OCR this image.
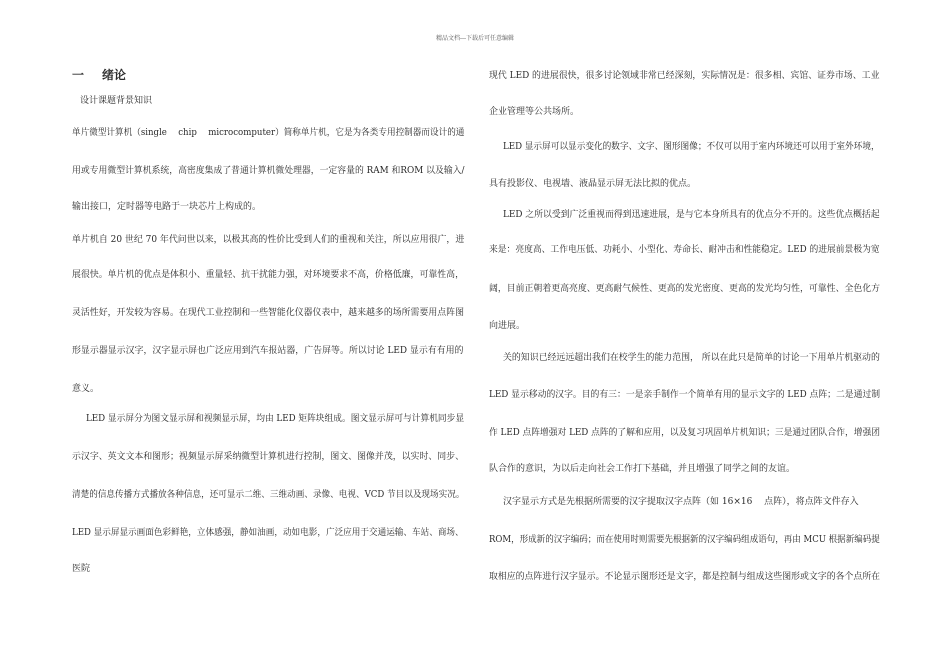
精品文档---下载后可任意编辑
一 绪论
设计课题背景知识
单片微型计算机（single　 chip　 microcomputer）简称单片机，它是为各类专用控制器而设计的通
用或专用微型计算机系统，高密度集成了普通计算机微处理器，一定容量的 RAM 和ROM 以及输入/
输出接口，定时器等电路于一块芯片上构成的。
单片机自 20 世纪 70 年代问世以来，以极其高的性价比受到人们的重视和关注，所以应用很广，进
展很快。单片机的优点是体积小、重量轻、抗干扰能力强，对环境要求不高，价格低廉，可靠性高，
灵活性好，开发较为容易。在现代工业控制和一些智能化仪器仪表中，越来越多的场所需要用点阵图
形显示器显示汉字，汉字显示屏也广泛应用到汽车报站器，广告屏等。所以讨论 LED 显示有有用的
意义。
LED 显示屏分为图文显示屏和视频显示屏，均由 LED 矩阵块组成。图文显示屏可与计算机同步显
示汉字、英文文本和图形；视频显示屏采纳微型计算机进行控制，图文、图像并茂，以实时、同步、
清楚的信息传播方式播放各种信息，还可显示二维、三维动画、录像、电视、VCD 节目以及现场实况。
LED 显示屏显示画面色彩鲜艳，立体感强，静如油画，动如电影，广泛应用于交通运输、车站、商场、
医院
现代 LED 的进展很快，很多讨论领域非常已经深刻，实际情况是：很多相、宾馆、证券市场、工业
企业管理等公共场所。
LED 显示屏可以显示变化的数字、文字、图形图像；不仅可以用于室内环境还可以用于室外环境，
具有投影仪、电视墙、液晶显示屏无法比拟的优点。
LED 之所以受到广泛重视而得到迅速进展，是与它本身所具有的优点分不开的。这些优点概括起
来是：亮度高、工作电压低、功耗小、小型化、寿命长、耐冲击和性能稳定。LED 的进展前景极为宽
阔，目前正朝着更高亮度、更高耐气候性、更高的发光密度、更高的发光均匀性，可靠性、全色化方
向进展。
关的知识已经远远超出我们在校学生的能力范围， 所以在此只是简单的讨论一下用单片机驱动的
LED 显示移动的汉字。目的有三：一是亲手制作一个简单有用的显示文字的 LED 点阵；二是通过制
作 LED 点阵增强对 LED 点阵的了解和应用，以及复习巩固单片机知识；三是通过团队合作，增强团
队合作的意识，为以后走向社会工作打下基础，并且增强了同学之间的友谊。
汉字显示方式是先根据所需要的汉字提取汉字点阵（如 16×16　 点阵），将点阵文件存入
ROM，形成新的汉字编码；而在使用时则需要先根据新的汉字编码组成语句，再由 MCU 根据新编码提
取相应的点阵进行汉字显示。不论显示图形还是文字，都是控制与组成这些图形或文字的各个点所在
